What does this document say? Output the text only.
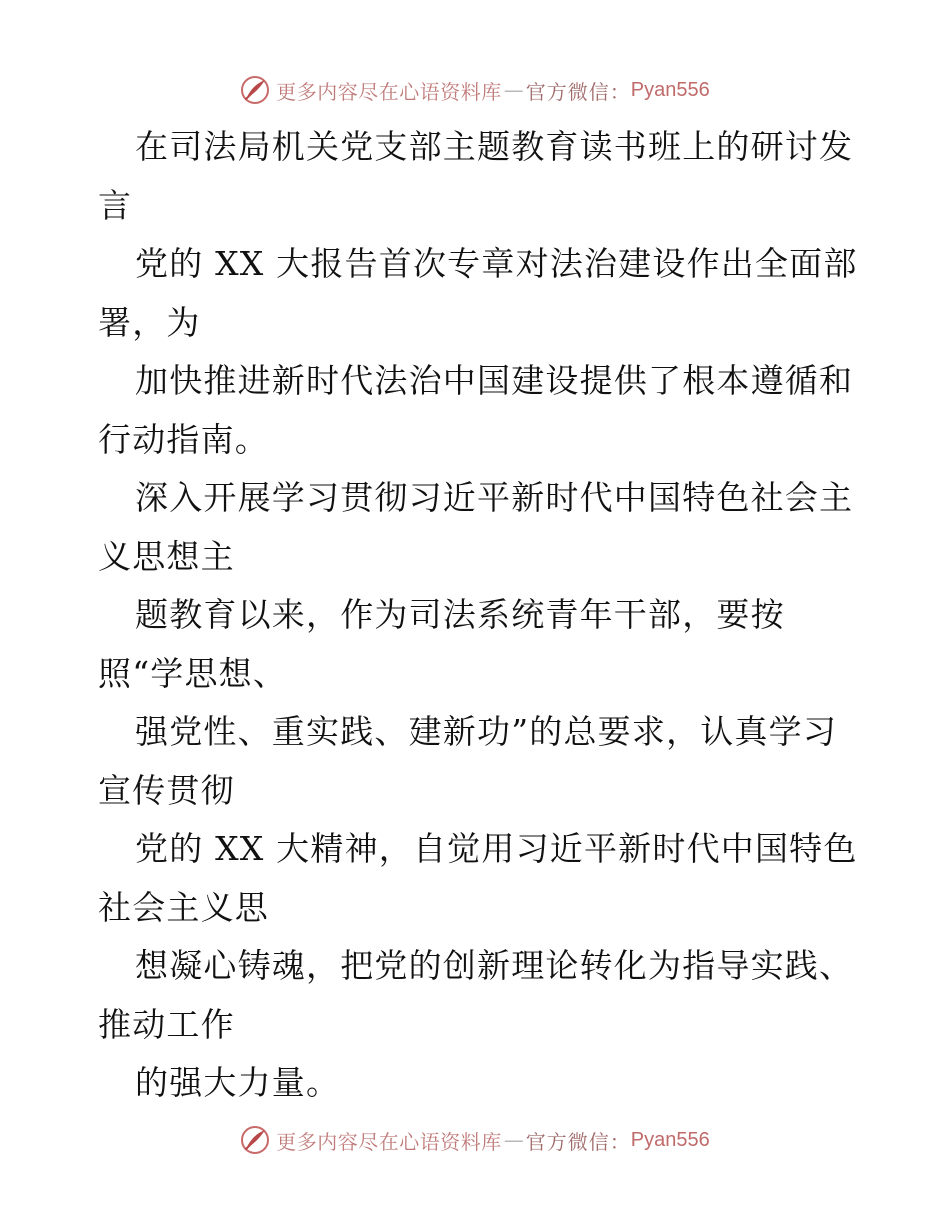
更多内容尽在心语资料库 — 官方微信： Pyan556
在司法局机关党支部主题教育读书班上的研讨发
言
党的 XX 大报告首次专章对法治建设作出全面部
署，为
加快推进新时代法治中国建设提供了根本遵循和
行动指南。
深入开展学习贯彻习近平新时代中国特色社会主
义思想主
题教育以来，作为司法系统青年干部，要按
照“学思想、
强党性、重实践、建新功”的总要求，认真学习
宣传贯彻
党的 XX 大精神，自觉用习近平新时代中国特色
社会主义思
想凝心铸魂，把党的创新理论转化为指导实践、
推动工作
的强大力量。
更多内容尽在心语资料库 — 官方微信： Pyan556
